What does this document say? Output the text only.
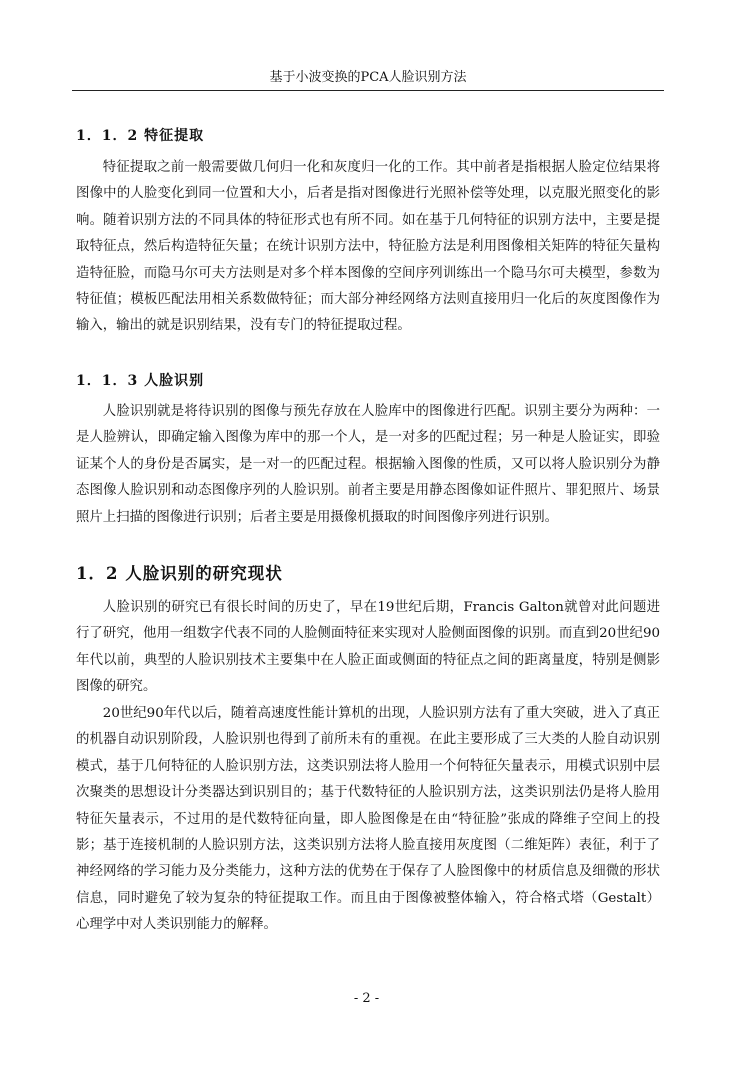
基于小波变换的PCA人脸识别方法
1．1．2 特征提取

特征提取之前一般需要做几何归一化和灰度归一化的工作。其中前者是指根据人脸定位结果将图像中的人脸变化到同一位置和大小，后者是指对图像进行光照补偿等处理，以克服光照变化的影响。随着识别方法的不同具体的特征形式也有所不同。如在基于几何特征的识别方法中，主要是提取特征点，然后构造特征矢量；在统计识别方法中，特征脸方法是利用图像相关矩阵的特征矢量构造特征脸，而隐马尔可夫方法则是对多个样本图像的空间序列训练出一个隐马尔可夫模型，参数为特征值；模板匹配法用相关系数做特征；而大部分神经网络方法则直接用归一化后的灰度图像作为输入，输出的就是识别结果，没有专门的特征提取过程。

1．1．3 人脸识别

人脸识别就是将待识别的图像与预先存放在人脸库中的图像进行匹配。识别主要分为两种：一是人脸辨认，即确定输入图像为库中的那一个人，是一对多的匹配过程；另一种是人脸证实，即验证某个人的身份是否属实，是一对一的匹配过程。根据输入图像的性质，又可以将人脸识别分为静态图像人脸识别和动态图像序列的人脸识别。前者主要是用静态图像如证件照片、罪犯照片、场景照片上扫描的图像进行识别；后者主要是用摄像机摄取的时间图像序列进行识别。

1．2 人脸识别的研究现状

人脸识别的研究已有很长时间的历史了，早在19世纪后期，Francis Galton就曾对此问题进行了研究，他用一组数字代表不同的人脸侧面特征来实现对人脸侧面图像的识别。而直到20世纪90年代以前，典型的人脸识别技术主要集中在人脸正面或侧面的特征点之间的距离量度，特别是侧影图像的研究。

20世纪90年代以后，随着高速度性能计算机的出现，人脸识别方法有了重大突破，进入了真正的机器自动识别阶段，人脸识别也得到了前所未有的重视。在此主要形成了三大类的人脸自动识别模式，基于几何特征的人脸识别方法，这类识别法将人脸用一个何特征矢量表示，用模式识别中层次聚类的思想设计分类器达到识别目的；基于代数特征的人脸识别方法，这类识别法仍是将人脸用特征矢量表示，不过用的是代数特征向量，即人脸图像是在由“特征脸”张成的降维子空间上的投影；基于连接机制的人脸识别方法，这类识别方法将人脸直接用灰度图（二维矩阵）表征，利于了神经网络的学习能力及分类能力，这种方法的优势在于保存了人脸图像中的材质信息及细微的形状信息，同时避免了较为复杂的特征提取工作。而且由于图像被整体输入，符合格式塔（Gestalt）心理学中对人类识别能力的解释。

- 2 -
